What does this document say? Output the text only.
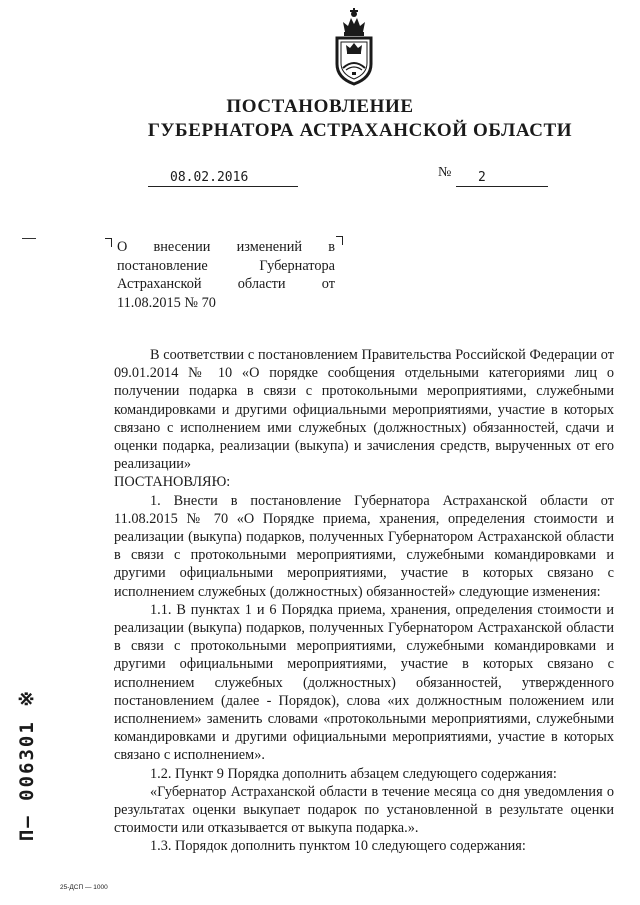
ПОСТАНОВЛЕНИЕ
ГУБЕРНАТОРА АСТРАХАНСКОЙ ОБЛАСТИ
08.02.2016	№ 2
О внесении изменений в постановление Губернатора Астраханской области от 11.08.2015 № 70

В соответствии с постановлением Правительства Российской Федерации от 09.01.2014 № 10 «О порядке сообщения отдельными категориями лиц о получении подарка в связи с протокольными мероприятиями, служебными командировками и другими официальными мероприятиями, участие в которых связано с исполнением ими служебных (должностных) обязанностей, сдачи и оценки подарка, реализации (выкупа) и зачисления средств, вырученных от его реализации»

ПОСТАНОВЛЯЮ:

1. Внести в постановление Губернатора Астраханской области от 11.08.2015 № 70 «О Порядке приема, хранения, определения стоимости и реализации (выкупа) подарков, полученных Губернатором Астраханской области в связи с протокольными мероприятиями, служебными командировками и другими официальными мероприятиями, участие в которых связано с исполнением служебных (должностных) обязанностей» следующие изменения:

1.1. В пунктах 1 и 6 Порядка приема, хранения, определения стоимости и реализации (выкупа) подарков, полученных Губернатором Астраханской области в связи с протокольными мероприятиями, служебными командировками и другими официальными мероприятиями, участие в которых связано с исполнением служебных (должностных) обязанностей, утвержденного постановлением (далее - Порядок), слова «их должностным положением или исполнением» заменить словами «протокольными мероприятиями, служебными командировками и другими официальными мероприятиями, участие в которых связано с исполнением».

1.2. Пункт 9 Порядка дополнить абзацем следующего содержания:

«Губернатор Астраханской области в течение месяца со дня уведомления о результатах оценки выкупает подарок по установленной в результате оценки стоимости или отказывается от выкупа подарка.».

1.3. Порядок дополнить пунктом 10 следующего содержания:

П— 006301 ※
25-ДСП — 1000
